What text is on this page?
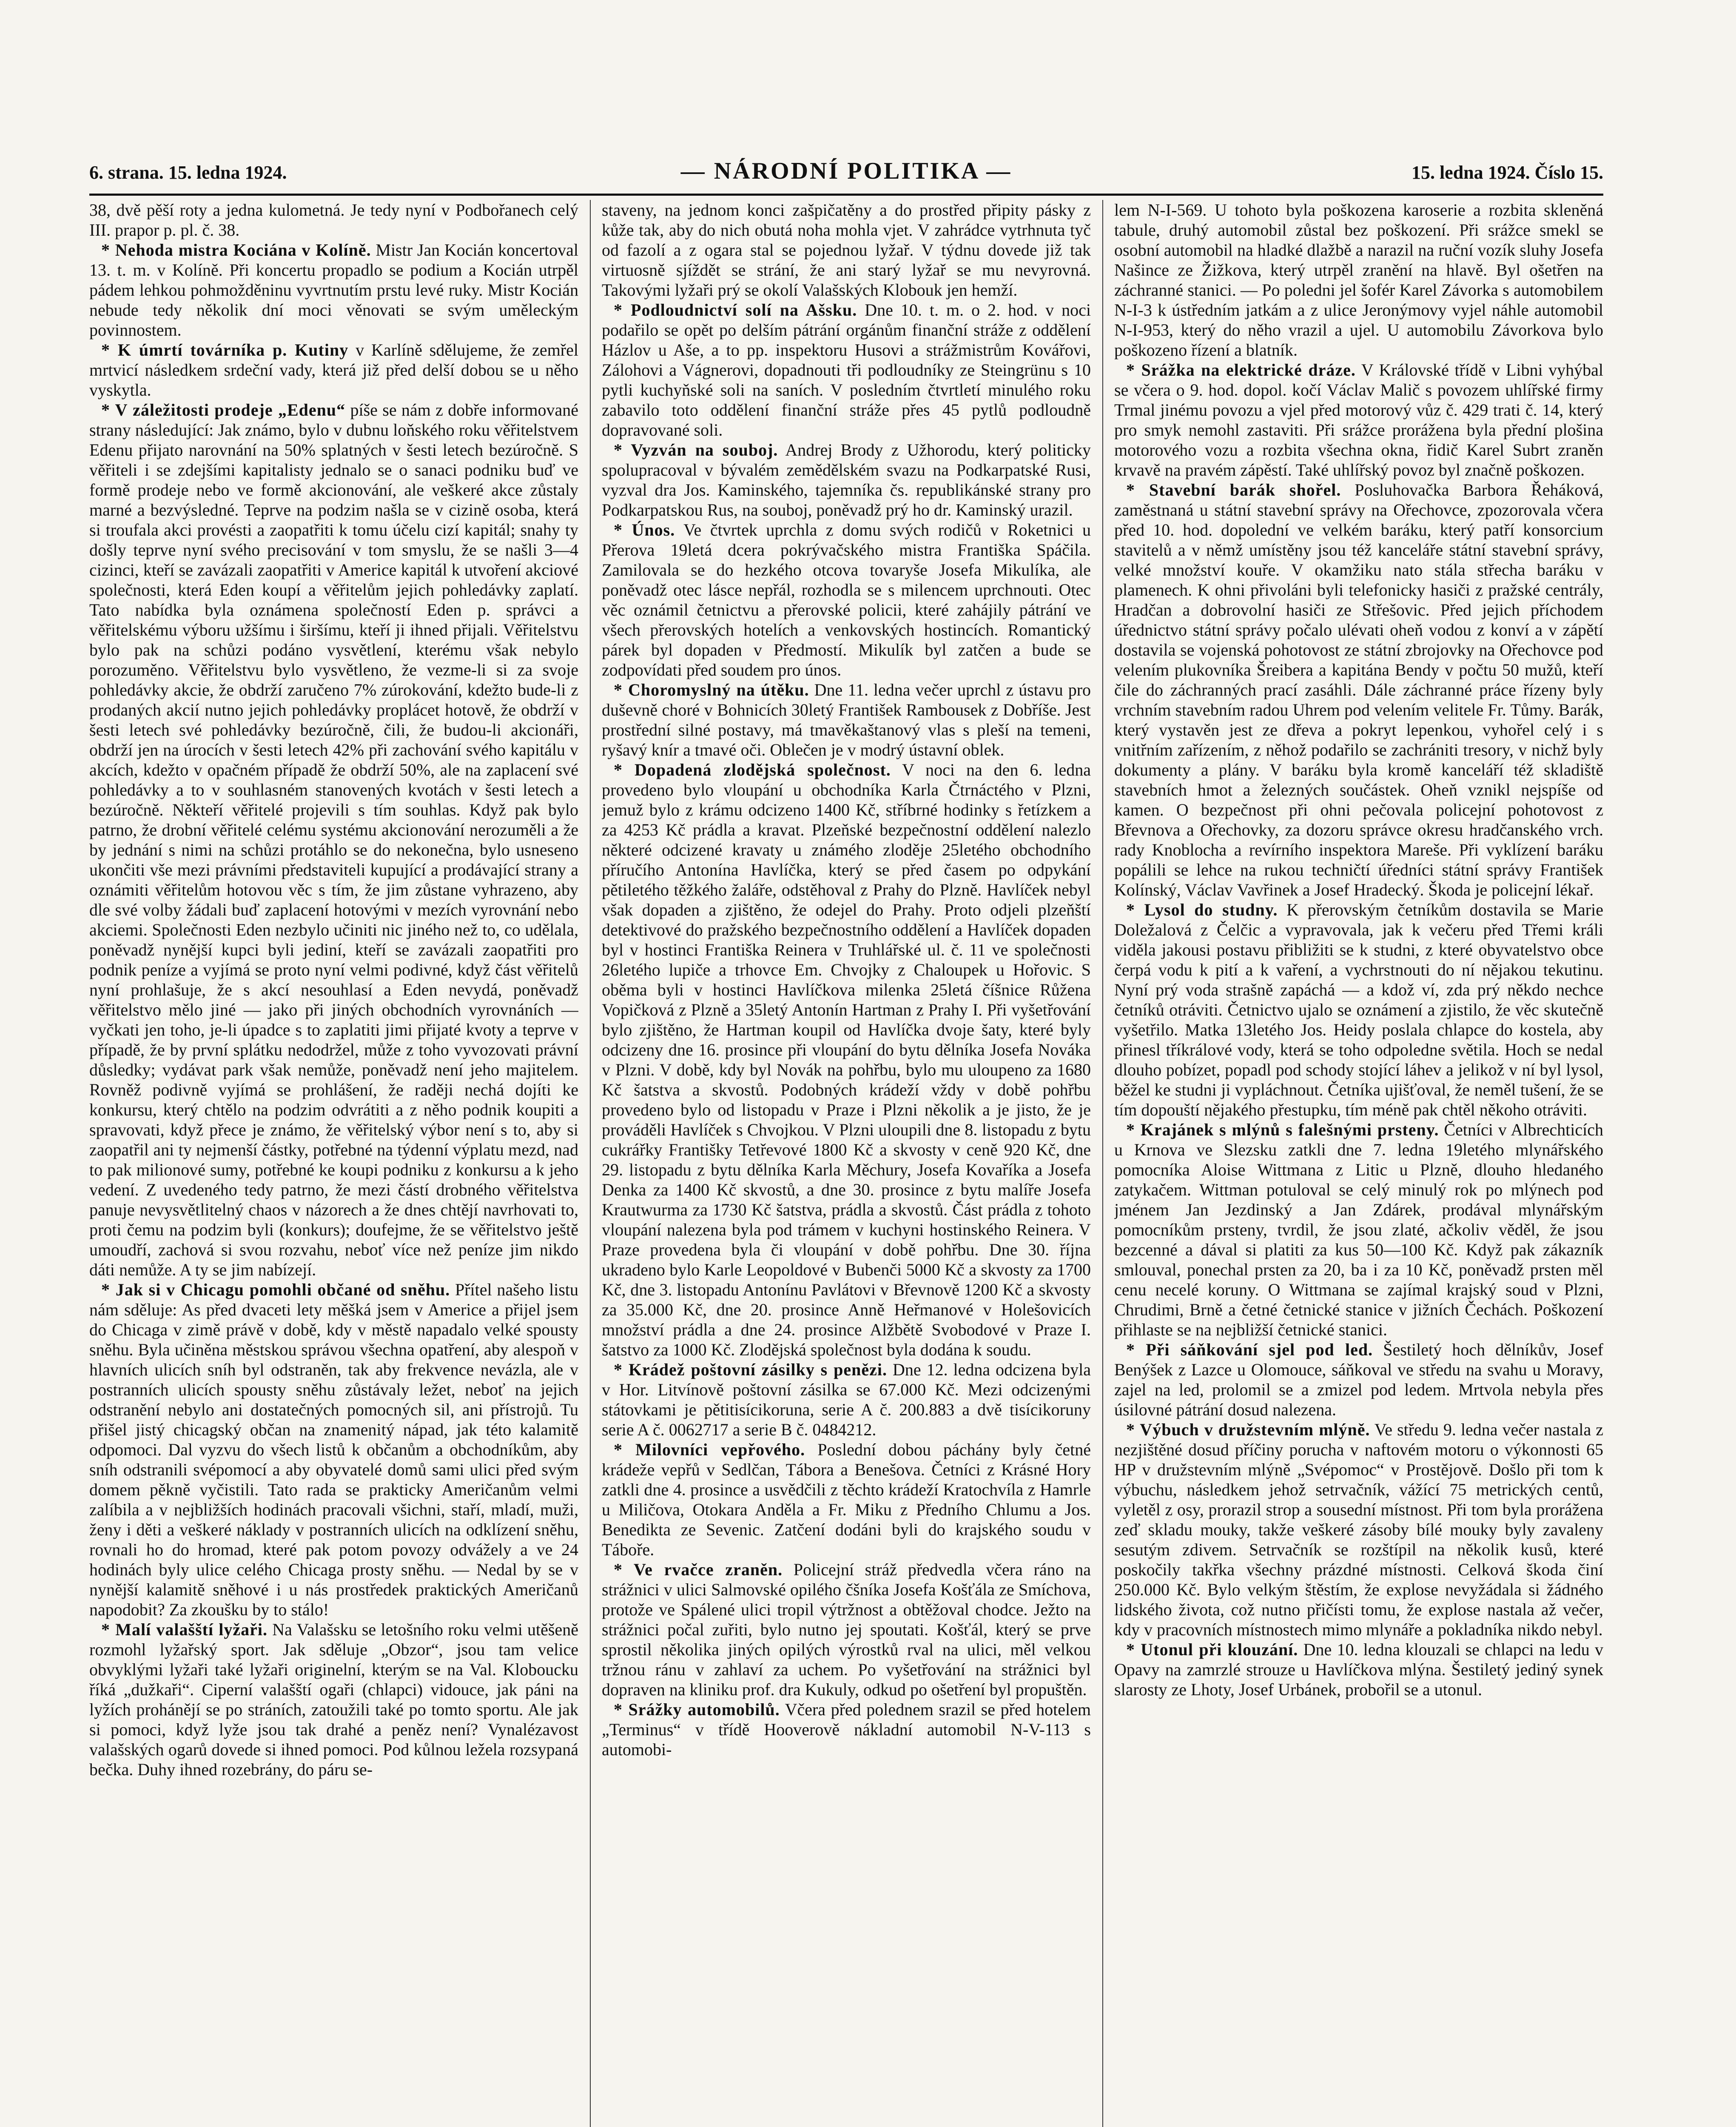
6. strana. 15. ledna 1924.	— NÁRODNÍ POLITIKA —	15. ledna 1924. Číslo 15.

38, dvě pěší roty a jedna kulometná. Je tedy nyní v Podbořanech celý III. prapor p. pl. č. 38.

* Nehoda mistra Kociána v Kolíně. Mistr Jan Kocián koncertoval 13. t. m. v Kolíně. Při koncertu propadlo se podium a Kocián utrpěl pádem lehkou pohmožděninu vyvrtnutím prstu levé ruky. Mistr Kocián nebude tedy několik dní moci věnovati se svým uměleckým povinnostem.

* K úmrtí továrníka p. Kutiny v Karlíně sdělujeme, že zemřel mrtvicí následkem srdeční vady, která již před delší dobou se u něho vyskytla.

* V záležitosti prodeje „Edenu“ píše se nám z dobře informované strany následující: Jak známo, bylo v dubnu loňského roku věřitelstvem Edenu přijato narovnání na 50% splatných v šesti letech bezúročně. S věřiteli i se zdejšími kapitalisty jednalo se o sanaci podniku buď ve formě prodeje nebo ve formě akcionování, ale veškeré akce zůstaly marné a bezvýsledné. Teprve na podzim našla se v cizině osoba, která si troufala akci provésti a zaopatřiti k tomu účelu cizí kapitál; snahy ty došly teprve nyní svého precisování v tom smyslu, že se našli 3—4 cizinci, kteří se zavázali zaopatřiti v Americe kapitál k utvoření akciové společnosti, která Eden koupí a věřitelům jejich pohledávky zaplatí. Tato nabídka byla oznámena společností Eden p. správci a věřitelskému výboru užšímu i širšímu, kteří ji ihned přijali. Věřitelstvu bylo pak na schůzi podáno vysvětlení, kterému však nebylo porozuměno. Věřitelstvu bylo vysvětleno, že vezme-li si za svoje pohledávky akcie, že obdrží zaručeno 7% zúrokování, kdežto bude-li z prodaných akcií nutno jejich pohledávky proplácet hotově, že obdrží v šesti letech své pohledávky bezúročně, čili, že budou-li akcionáři, obdrží jen na úrocích v šesti letech 42% při zachování svého kapitálu v akcích, kdežto v opačném případě že obdrží 50%, ale na zaplacení své pohledávky a to v souhlasném stanovených kvotách v šesti letech a bezúročně. Někteří věřitelé projevili s tím souhlas. Když pak bylo patrno, že drobní věřitelé celému systému akcionování nerozuměli a že by jednání s nimi na schůzi protáhlo se do nekonečna, bylo usneseno ukončiti vše mezi právními představiteli kupující a prodávající strany a oznámiti věřitelům hotovou věc s tím, že jim zůstane vyhrazeno, aby dle své volby žádali buď zaplacení hotovými v mezích vyrovnání nebo akciemi. Společnosti Eden nezbylo učiniti nic jiného než to, co udělala, poněvadž nynější kupci byli jediní, kteří se zavázali zaopatřiti pro podnik peníze a vyjímá se proto nyní velmi podivné, když část věřitelů nyní prohlašuje, že s akcí nesouhlasí a Eden nevydá, poněvadž věřitelstvo mělo jiné — jako při jiných obchodních vyrovnáních — vyčkati jen toho, je-li úpadce s to zaplatiti jimi přijaté kvoty a teprve v případě, že by první splátku nedodržel, může z toho vyvozovati právní důsledky; vydávat park však nemůže, poněvadž není jeho majitelem. Rovněž podivně vyjímá se prohlášení, že raději nechá dojíti ke konkursu, který chtělo na podzim odvrátiti a z něho podnik koupiti a spravovati, když přece je známo, že věřitelský výbor není s to, aby si zaopatřil ani ty nejmenší částky, potřebné na týdenní výplatu mezd, nad to pak milionové sumy, potřebné ke koupi podniku z konkursu a k jeho vedení. Z uvedeného tedy patrno, že mezi částí drobného věřitelstva panuje nevysvětlitelný chaos v názorech a že dnes chtějí navrhovati to, proti čemu na podzim byli (konkurs); doufejme, že se věřitelstvo ještě umoudří, zachová si svou rozvahu, neboť více než peníze jim nikdo dáti nemůže. A ty se jim nabízejí.

* Jak si v Chicagu pomohli občané od sněhu. Přítel našeho listu nám sděluje: As před dvaceti lety měšká jsem v Americe a přijel jsem do Chicaga v zimě právě v době, kdy v městě napadalo velké spousty sněhu. Byla učiněna městskou správou všechna opatření, aby alespoň v hlavních ulicích sníh byl odstraněn, tak aby frekvence nevázla, ale v postranních ulicích spousty sněhu zůstávaly ležet, neboť na jejich odstranění nebylo ani dostatečných pomocných sil, ani přístrojů. Tu přišel jistý chicagský občan na znamenitý nápad, jak této kalamitě odpomoci. Dal vyzvu do všech listů k občanům a obchodníkům, aby sníh odstranili svépomocí a aby obyvatelé domů sami ulici před svým domem pěkně vyčistili. Tato rada se prakticky Američanům velmi zalíbila a v nejbližších hodinách pracovali všichni, staří, mladí, muži, ženy i děti a veškeré náklady v postranních ulicích na odklízení sněhu, rovnali ho do hromad, které pak potom povozy odvážely a ve 24 hodinách byly ulice celého Chicaga prosty sněhu. — Nedal by se v nynější kalamitě sněhové i u nás prostředek praktických Američanů napodobit? Za zkoušku by to stálo!

* Malí valašští lyžaři. Na Valašsku se letošního roku velmi utěšeně rozmohl lyžařský sport. Jak sděluje „Obzor“, jsou tam velice obvyklými lyžaři také lyžaři originelní, kterým se na Val. Kloboucku říká „dužkaři“. Ciperní valašští ogaři (chlapci) vidouce, jak páni na lyžích prohánějí se po stráních, zatoužili také po tomto sportu. Ale jak si pomoci, když lyže jsou tak drahé a peněz není? Vynalézavost valašských ogarů dovede si ihned pomoci. Pod kůlnou ležela rozsypaná bečka. Duhy ihned rozebrány, do páru se-

staveny, na jednom konci zašpičatěny a do prostřed připity pásky z kůže tak, aby do nich obutá noha mohla vjet. V zahrádce vytrhnuta tyč od fazolí a z ogara stal se pojednou lyžař. V týdnu dovede již tak virtuosně sjíždět se strání, že ani starý lyžař se mu nevyrovná. Takovými lyžaři prý se okolí Valašských Klobouk jen hemží.

* Podloudnictví solí na Ašsku. Dne 10. t. m. o 2. hod. v noci podařilo se opět po delším pátrání orgánům finanční stráže z oddělení Házlov u Aše, a to pp. inspektoru Husovi a strážmistrům Kovářovi, Zálohovi a Vágnerovi, dopadnouti tři podloudníky ze Steingrünu s 10 pytli kuchyňské soli na saních. V posledním čtvrtletí minulého roku zabavilo toto oddělení finanční stráže přes 45 pytlů podloudně dopravované soli.

* Vyzván na souboj. Andrej Brody z Užhorodu, který politicky spolupracoval v bývalém zemědělském svazu na Podkarpatské Rusi, vyzval dra Jos. Kaminského, tajemníka čs. republikánské strany pro Podkarpatskou Rus, na souboj, poněvadž prý ho dr. Kaminský urazil.

* Únos. Ve čtvrtek uprchla z domu svých rodičů v Roketnici u Přerova 19letá dcera pokrývačského mistra Františka Spáčila. Zamilovala se do hezkého otcova tovaryše Josefa Mikulíka, ale poněvadž otec lásce nepřál, rozhodla se s milencem uprchnouti. Otec věc oznámil četnictvu a přerovské policii, které zahájily pátrání ve všech přerovských hotelích a venkovských hostincích. Romantický párek byl dopaden v Předmostí. Mikulík byl zatčen a bude se zodpovídati před soudem pro únos.

* Choromyslný na útěku. Dne 11. ledna večer uprchl z ústavu pro duševně choré v Bohnicích 30letý František Rambousek z Dobříše. Jest prostřední silné postavy, má tmavěkaštanový vlas s pleší na temeni, ryšavý knír a tmavé oči. Oblečen je v modrý ústavní oblek.

* Dopadená zlodějská společnost. V noci na den 6. ledna provedeno bylo vloupání u obchodníka Karla Čtrnáctého v Plzni, jemuž bylo z krámu odcizeno 1400 Kč, stříbrné hodinky s řetízkem a za 4253 Kč prádla a kravat. Plzeňské bezpečnostní oddělení nalezlo některé odcizené kravaty u známého zloděje 25letého obchodního příručího Antonína Havlíčka, který se před časem po odpykání pětiletého těžkého žaláře, odstěhoval z Prahy do Plzně. Havlíček nebyl však dopaden a zjištěno, že odejel do Prahy. Proto odjeli plzeňští detektivové do pražského bezpečnostního oddělení a Havlíček dopaden byl v hostinci Františka Reinera v Truhlářské ul. č. 11 ve společnosti 26letého lupiče a trhovce Em. Chvojky z Chaloupek u Hořovic. S oběma byli v hostinci Havlíčkova milenka 25letá číšnice Růžena Vopičková z Plzně a 35letý Antonín Hartman z Prahy I. Při vyšetřování bylo zjištěno, že Hartman koupil od Havlíčka dvoje šaty, které byly odcizeny dne 16. prosince při vloupání do bytu dělníka Josefa Nováka v Plzni. V době, kdy byl Novák na pohřbu, bylo mu uloupeno za 1680 Kč šatstva a skvostů. Podobných krádeží vždy v době pohřbu provedeno bylo od listopadu v Praze i Plzni několik a je jisto, že je prováděli Havlíček s Chvojkou. V Plzni uloupili dne 8. listopadu z bytu cukrářky Františky Tetřevové 1800 Kč a skvosty v ceně 920 Kč, dne 29. listopadu z bytu dělníka Karla Měchury, Josefa Kovaříka a Josefa Denka za 1400 Kč skvostů, a dne 30. prosince z bytu malíře Josefa Krautwurma za 1730 Kč šatstva, prádla a skvostů. Část prádla z tohoto vloupání nalezena byla pod trámem v kuchyni hostinského Reinera. V Praze provedena byla či vloupání v době pohřbu. Dne 30. října ukradeno bylo Karle Leopoldové v Bubenči 5000 Kč a skvosty za 1700 Kč, dne 3. listopadu Antonínu Pavlátovi v Břevnově 1200 Kč a skvosty za 35.000 Kč, dne 20. prosince Anně Heřmanové v Holešovicích množství prádla a dne 24. prosince Alžbětě Svobodové v Praze I. šatstvo za 1000 Kč. Zlodějská společnost byla dodána k soudu.

* Krádež poštovní zásilky s penězi. Dne 12. ledna odcizena byla v Hor. Litvínově poštovní zásilka se 67.000 Kč. Mezi odcizenými státovkami je pětitisícikoruna, serie A č. 200.883 a dvě tisícikoruny serie A č. 0062717 a serie B č. 0484212.

* Milovníci vepřového. Poslední dobou páchány byly četné krádeže vepřů v Sedlčan, Tábora a Benešova. Četníci z Krásné Hory zatkli dne 4. prosince a usvědčili z těchto krádeží Kratochvíla z Hamrle u Miličova, Otokara Anděla a Fr. Miku z Předního Chlumu a Jos. Benedikta ze Sevenic. Zatčení dodáni byli do krajského soudu v Táboře.

* Ve rvačce zraněn. Policejní stráž předvedla včera ráno na strážnici v ulici Salmovské opilého čšníka Josefa Košťála ze Smíchova, protože ve Spálené ulici tropil výtržnost a obtěžoval chodce. Ježto na strážnici počal zuřiti, bylo nutno jej spoutati. Košťál, který se prve sprostil několika jiných opilých výrostků rval na ulici, měl velkou tržnou ránu v zahlaví za uchem. Po vyšetřování na strážnici byl dopraven na kliniku prof. dra Kukuly, odkud po ošetření byl propuštěn.

* Srážky automobilů. Včera před polednem srazil se před hotelem „Terminus“ v třídě Hooverově nákladní automobil N-V-113 s automobi-

lem N-I-569. U tohoto byla poškozena karoserie a rozbita skleněná tabule, druhý automobil zůstal bez poškození. Při srážce smekl se osobní automobil na hladké dlažbě a narazil na ruční vozík sluhy Josefa Našince ze Žižkova, který utrpěl zranění na hlavě. Byl ošetřen na záchranné stanici. — Po poledni jel šofér Karel Závorka s automobilem N-I-3 k ústředním jatkám a z ulice Jeronýmovy vyjel náhle automobil N-I-953, který do něho vrazil a ujel. U automobilu Závorkova bylo poškozeno řízení a blatník.

* Srážka na elektrické dráze. V Královské třídě v Libni vyhýbal se včera o 9. hod. dopol. kočí Václav Malič s povozem uhlířské firmy Trmal jinému povozu a vjel před motorový vůz č. 429 trati č. 14, který pro smyk nemohl zastaviti. Při srážce prorážena byla přední plošina motorového vozu a rozbita všechna okna, řidič Karel Subrt zraněn krvavě na pravém zápěstí. Také uhlířský povoz byl značně poškozen.

* Stavební barák shořel. Posluhovačka Barbora Řeháková, zaměstnaná u státní stavební správy na Ořechovce, zpozorovala včera před 10. hod. dopolední ve velkém baráku, který patří konsorcium stavitelů a v němž umístěny jsou též kanceláře státní stavební správy, velké množství kouře. V okamžiku nato stála střecha baráku v plamenech. K ohni přivoláni byli telefonicky hasiči z pražské centrály, Hradčan a dobrovolní hasiči ze Střešovic. Před jejich příchodem úřednictvo státní správy počalo ulévati oheň vodou z konví a v zápětí dostavila se vojenská pohotovost ze státní zbrojovky na Ořechovce pod velením plukovníka Šreibera a kapitána Bendy v počtu 50 mužů, kteří čile do záchranných prací zasáhli. Dále záchranné práce řízeny byly vrchním stavebním radou Uhrem pod velením velitele Fr. Tůmy. Barák, který vystavěn jest ze dřeva a pokryt lepenkou, vyhořel celý i s vnitřním zařízením, z něhož podařilo se zachrániti tresory, v nichž byly dokumenty a plány. V baráku byla kromě kanceláří též skladiště stavebních hmot a železných součástek. Oheň vznikl nejspíše od kamen. O bezpečnost při ohni pečovala policejní pohotovost z Břevnova a Ořechovky, za dozoru správce okresu hradčanského vrch. rady Knoblocha a revírního inspektora Mareše. Při vyklízení baráku popálili se lehce na rukou techničtí úředníci státní správy František Kolínský, Václav Vavřinek a Josef Hradecký. Škoda je policejní lékař.

* Lysol do studny. K přerovským četníkům dostavila se Marie Doležalová z Čelčic a vypravovala, jak k večeru před Třemi králi viděla jakousi postavu přibližiti se k studni, z které obyvatelstvo obce čerpá vodu k pití a k vaření, a vychrstnouti do ní nějakou tekutinu. Nyní prý voda strašně zapáchá — a kdož ví, zda prý někdo nechce četníků otráviti. Četnictvo ujalo se oznámení a zjistilo, že věc skutečně vyšetřilo. Matka 13letého Jos. Heidy poslala chlapce do kostela, aby přinesl tříkrálové vody, která se toho odpoledne světila. Hoch se nedal dlouho pobízet, popadl pod schody stojící láhev a jelikož v ní byl lysol, běžel ke studni ji vypláchnout. Četníka ujišťoval, že neměl tušení, že se tím dopouští nějakého přestupku, tím méně pak chtěl někoho otráviti.

* Krajánek s mlýnů s falešnými prsteny. Četníci v Albrechticích u Krnova ve Slezsku zatkli dne 7. ledna 19letého mlynářského pomocníka Aloise Wittmana z Litic u Plzně, dlouho hledaného zatykačem. Wittman potuloval se celý minulý rok po mlýnech pod jménem Jan Jezdinský a Jan Zdárek, prodával mlynářským pomocníkům prsteny, tvrdil, že jsou zlaté, ačkoliv věděl, že jsou bezcenné a dával si platiti za kus 50—100 Kč. Když pak zákazník smlouval, ponechal prsten za 20, ba i za 10 Kč, poněvadž prsten měl cenu necelé koruny. O Wittmana se zajímal krajský soud v Plzni, Chrudimi, Brně a četné četnické stanice v jižních Čechách. Poškození přihlaste se na nejbližší četnické stanici.

* Při sáňkování sjel pod led. Šestiletý hoch dělníkův, Josef Benýšek z Lazce u Olomouce, sáňkoval ve středu na svahu u Moravy, zajel na led, prolomil se a zmizel pod ledem. Mrtvola nebyla přes úsilovné pátrání dosud nalezena.

* Výbuch v družstevním mlýně. Ve středu 9. ledna večer nastala z nezjištěné dosud příčiny porucha v naftovém motoru o výkonnosti 65 HP v družstevním mlýně „Svépomoc“ v Prostějově. Došlo při tom k výbuchu, následkem jehož setrvačník, vážící 75 metrických centů, vyletěl z osy, prorazil strop a sousední místnost. Při tom byla prorážena zeď skladu mouky, takže veškeré zásoby bílé mouky byly zavaleny sesutým zdivem. Setrvačník se rozštípil na několik kusů, které poskočily takřka všechny prázdné místnosti. Celková škoda činí 250.000 Kč. Bylo velkým štěstím, že explose nevyžádala si žádného lidského života, což nutno přičísti tomu, že explose nastala až večer, kdy v pracovních místnostech mimo mlynáře a pokladníka nikdo nebyl.

* Utonul při klouzání. Dne 10. ledna klouzali se chlapci na ledu v Opavy na zamrzlé strouze u Havlíčkova mlýna. Šestiletý jediný synek slarosty ze Lhoty, Josef Urbánek, probořil se a utonul.
